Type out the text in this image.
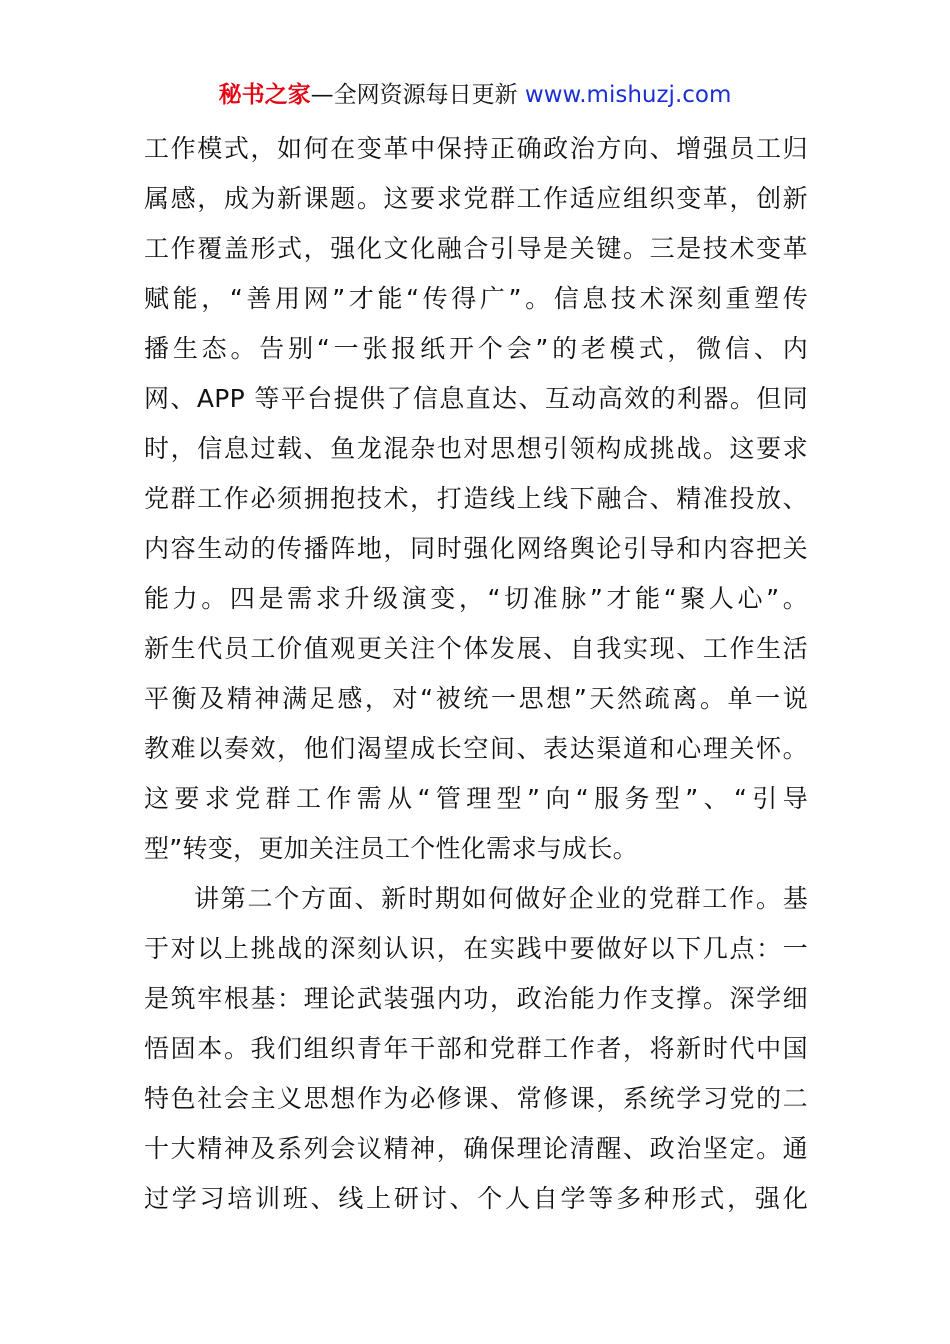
秘书之家—全网资源每日更新 www.mishuzj.com
工作模式，如何在变革中保持正确政治方向、增强员工归
属感，成为新课题。这要求党群工作适应组织变革，创新
工作覆盖形式，强化文化融合引导是关键。三是技术变革
赋能，“善用网”才能“传得广”。信息技术深刻重塑传
播生态。告别“一张报纸开个会”的老模式，微信、内
网、APP 等平台提供了信息直达、互动高效的利器。但同
时，信息过载、鱼龙混杂也对思想引领构成挑战。这要求
党群工作必须拥抱技术，打造线上线下融合、精准投放、
内容生动的传播阵地，同时强化网络舆论引导和内容把关
能力。四是需求升级演变，“切准脉”才能“聚人心”。
新生代员工价值观更关注个体发展、自我实现、工作生活
平衡及精神满足感，对“被统一思想”天然疏离。单一说
教难以奏效，他们渴望成长空间、表达渠道和心理关怀。
这要求党群工作需从“管理型”向“服务型”、“引导
型”转变，更加关注员工个性化需求与成长。
讲第二个方面、新时期如何做好企业的党群工作。基
于对以上挑战的深刻认识，在实践中要做好以下几点：一
是筑牢根基：理论武装强内功，政治能力作支撑。深学细
悟固本。我们组织青年干部和党群工作者，将新时代中国
特色社会主义思想作为必修课、常修课，系统学习党的二
十大精神及系列会议精神，确保理论清醒、政治坚定。通
过学习培训班、线上研讨、个人自学等多种形式，强化
